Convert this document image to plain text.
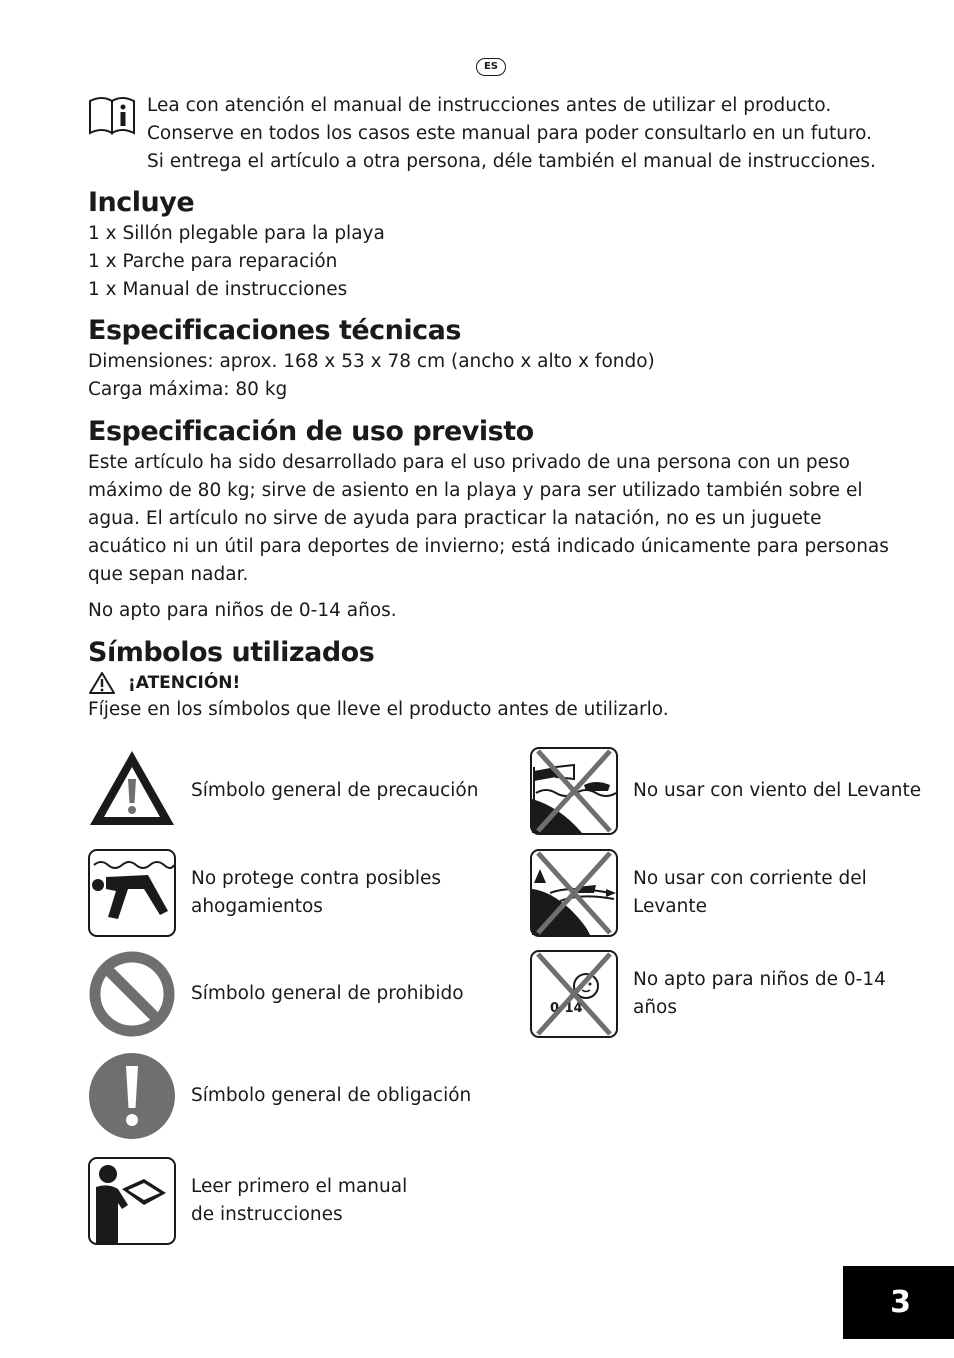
ES

Lea con atención el manual de instrucciones antes de utilizar el producto.

Conserve en todos los casos este manual para poder consultarlo en un futuro.

Si entrega el artículo a otra persona, déle también el manual de instrucciones.

Incluye

1 x Sillón plegable para la playa

1 x Parche para reparación

1 x Manual de instrucciones

Especificaciones técnicas

Dimensiones: aprox. 168 x 53 x 78 cm (ancho x alto x fondo)

Carga máxima: 80 kg

Especificación de uso previsto

Este artículo ha sido desarrollado para el uso privado de una persona con un peso máximo de 80 kg; sirve de asiento en la playa y para ser utilizado también sobre el agua. El artículo no sirve de ayuda para practicar la natación, no es un juguete acuático ni un útil para deportes de invierno; está indicado únicamente para personas que sepan nadar.

No apto para niños de 0-14 años.

Símbolos utilizados
¡ATENCIÓN!

Fíjese en los símbolos que lleve el producto antes de utilizarlo.

Símbolo general de precaución
No protege contra posibles ahogamientos
Símbolo general de prohibido
Símbolo general de obligación
Leer primero el manual de instrucciones
No usar con viento del Levante
No usar con corriente del Levante
0-14
No apto para niños de 0-14 años
3
